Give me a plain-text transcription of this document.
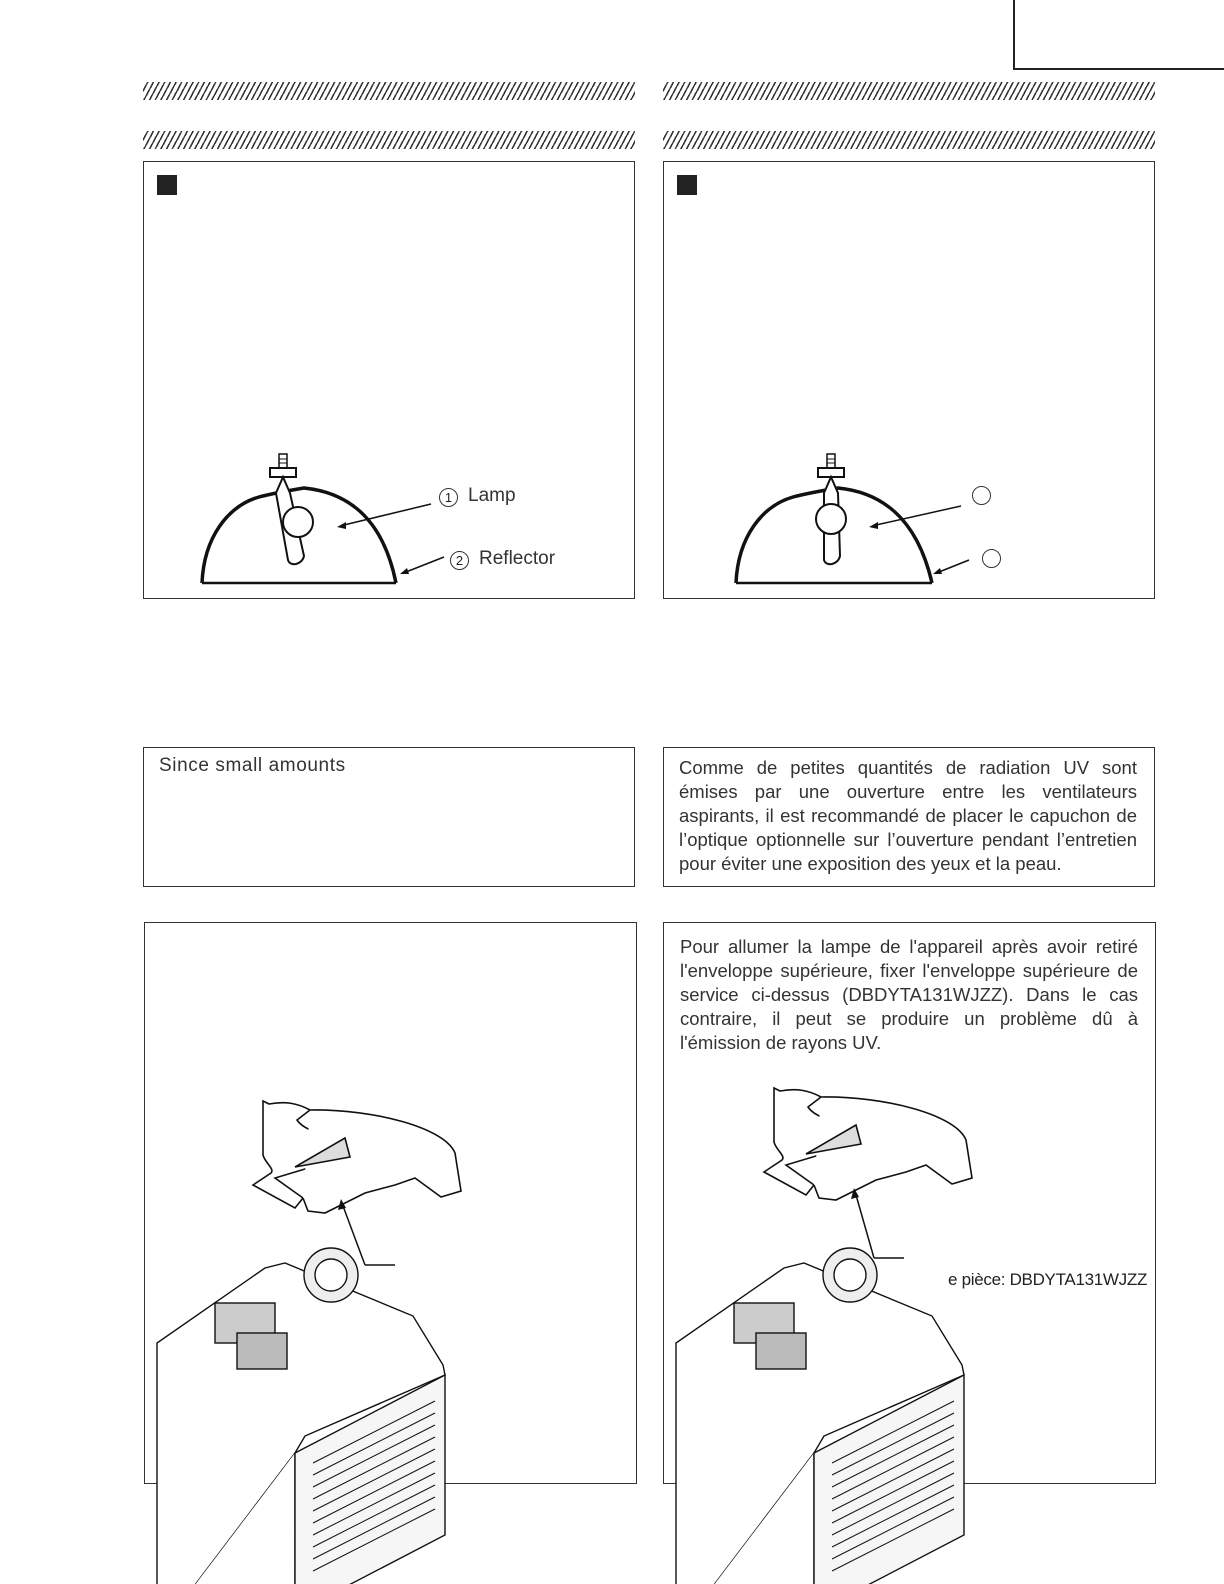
1 Lamp
2 Reflector
Since small amounts	Comme de petites quantités de radiation UV sont émises par une ouverture entre les ventilateurs aspirants, il est recommandé de placer le capuchon de l’optique optionnelle sur l’ouverture pendant l’entretien pour éviter une exposition des yeux et la peau.
Pour allumer la lampe de l'appareil après avoir retiré l'enveloppe supérieure, fixer l'enveloppe supérieure de service ci-dessus (DBDYTA131WJZZ). Dans le cas contraire, il peut se produire un problème dû à l'émission de rayons UV.
e pièce: DBDYTA131WJZZ
